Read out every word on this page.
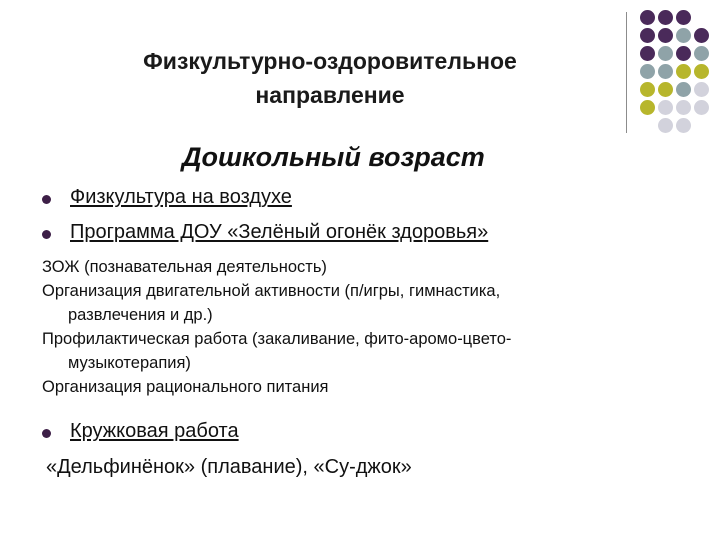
Физкультурно-оздоровительное
направление
Дошкольный возраст
Физкультура на воздухе
Программа ДОУ «Зелёный огонёк здоровья»
ЗОЖ (познавательная деятельность)
Организация двигательной активности (п/игры, гимнастика,
развлечения и др.)
Профилактическая работа (закаливание, фито-аромо-цвето-
музыкотерапия)
Организация рационального питания
Кружковая работа
«Дельфинёнок» (плавание), «Су-джок»
